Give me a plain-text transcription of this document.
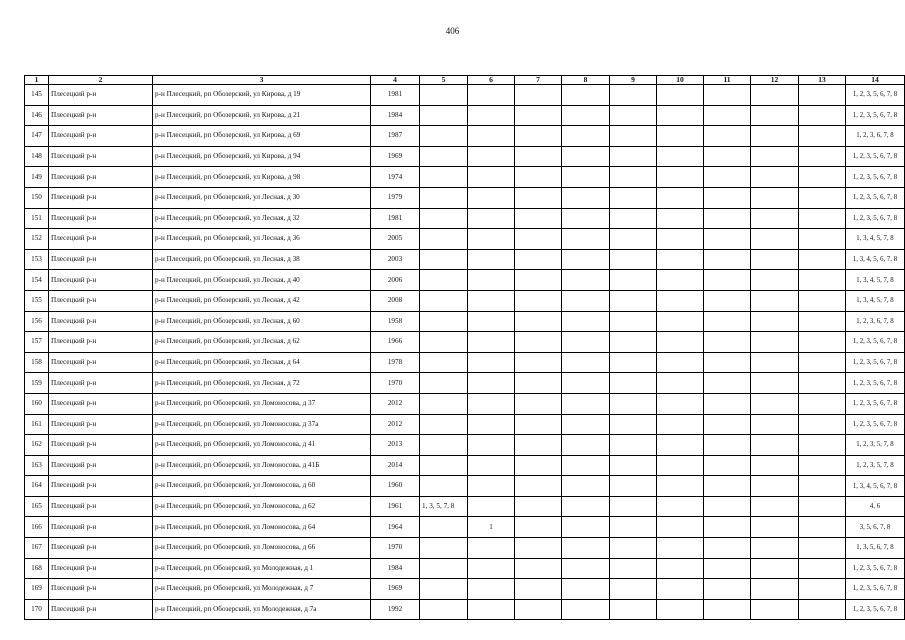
406
1	2	3	4	5	6	7	8	9	10	11	12	13	14
145	Плесецкий р-н	р-н Плесецкий, рп Обозерский, ул Кирова, д 19	1981										1, 2, 3, 5, 6, 7, 8
146	Плесецкий р-н	р-н Плесецкий, рп Обозерский, ул Кирова, д 21	1984										1, 2, 3, 5, 6, 7, 8
147	Плесецкий р-н	р-н Плесецкий, рп Обозерский, ул Кирова, д 69	1987										1, 2, 3, 6, 7, 8
148	Плесецкий р-н	р-н Плесецкий, рп Обозерский, ул Кирова, д 94	1969										1, 2, 3, 5, 6, 7, 8
149	Плесецкий р-н	р-н Плесецкий, рп Обозерский, ул Кирова, д 98	1974										1, 2, 3, 5, 6, 7, 8
150	Плесецкий р-н	р-н Плесецкий, рп Обозерский, ул Лесная, д 30	1979										1, 2, 3, 5, 6, 7, 8
151	Плесецкий р-н	р-н Плесецкий, рп Обозерский, ул Лесная, д 32	1981										1, 2, 3, 5, 6, 7, 8
152	Плесецкий р-н	р-н Плесецкий, рп Обозерский, ул Лесная, д 36	2005										1, 3, 4, 5, 7, 8
153	Плесецкий р-н	р-н Плесецкий, рп Обозерский, ул Лесная, д 38	2003										1, 3, 4, 5, 6, 7, 8
154	Плесецкий р-н	р-н Плесецкий, рп Обозерский, ул Лесная, д 40	2006										1, 3, 4, 5, 7, 8
155	Плесецкий р-н	р-н Плесецкий, рп Обозерский, ул Лесная, д 42	2008										1, 3, 4, 5, 7, 8
156	Плесецкий р-н	р-н Плесецкий, рп Обозерский, ул Лесная, д 60	1958										1, 2, 3, 6, 7, 8
157	Плесецкий р-н	р-н Плесецкий, рп Обозерский, ул Лесная, д 62	1966										1, 2, 3, 5, 6, 7, 8
158	Плесецкий р-н	р-н Плесецкий, рп Обозерский, ул Лесная, д 64	1978										1, 2, 3, 5, 6, 7, 8
159	Плесецкий р-н	р-н Плесецкий, рп Обозерский, ул Лесная, д 72	1970										1, 2, 3, 5, 6, 7, 8
160	Плесецкий р-н	р-н Плесецкий, рп Обозерский, ул Ломоносова, д 37	2012										1, 2, 3, 5, 6, 7, 8
161	Плесецкий р-н	р-н Плесецкий, рп Обозерский, ул Ломоносова, д 37а	2012										1, 2, 3, 5, 6, 7, 8
162	Плесецкий р-н	р-н Плесецкий, рп Обозерский, ул Ломоносова, д 41	2013										1, 2, 3, 5, 7, 8
163	Плесецкий р-н	р-н Плесецкий, рп Обозерский, ул Ломоносова, д 41Б	2014										1, 2, 3, 5, 7, 8
164	Плесецкий р-н	р-н Плесецкий, рп Обозерский, ул Ломоносова, д 60	1960										1, 3, 4, 5, 6, 7, 8
165	Плесецкий р-н	р-н Плесецкий, рп Обозерский, ул Ломоносова, д 62	1961	1, 3, 5, 7, 8									4, 6
166	Плесецкий р-н	р-н Плесецкий, рп Обозерский, ул Ломоносова, д 64	1964		1								3, 5, 6, 7, 8
167	Плесецкий р-н	р-н Плесецкий, рп Обозерский, ул Ломоносова, д 66	1970										1, 3, 5, 6, 7, 8
168	Плесецкий р-н	р-н Плесецкий, рп Обозерский, ул Молодежная, д 1	1984										1, 2, 3, 5, 6, 7, 8
169	Плесецкий р-н	р-н Плесецкий, рп Обозерский, ул Молодежная, д 7	1969										1, 2, 3, 5, 6, 7, 8
170	Плесецкий р-н	р-н Плесецкий, рп Обозерский, ул Молодежная, д 7а	1992										1, 2, 3, 5, 6, 7, 8
